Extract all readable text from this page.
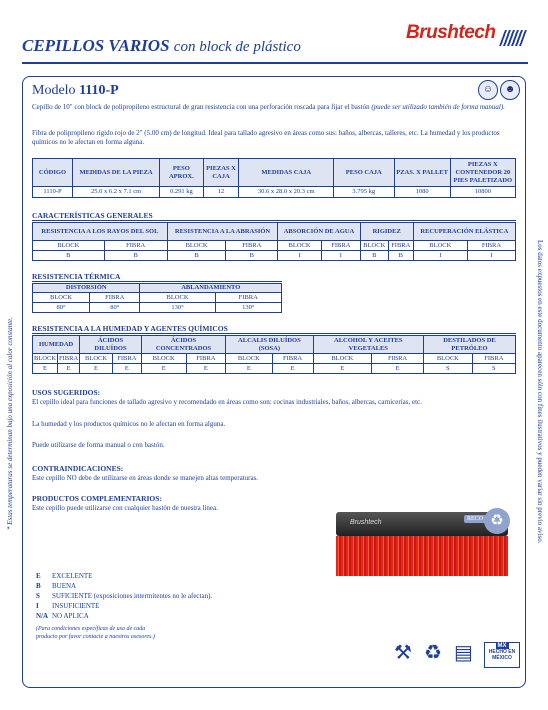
CEPILLOS VARIOS con block de plástico
Brushtech
* Estas temperaturas se determinan bajo una exposición al calor constante.	Los datos expuestos en este documento aparecen sólo con fines ilustrativos y pueden variar sin previo aviso.
Modelo 1110-P	☺	☻
Cepillo de 10" con block de polipropileno estructural de gran resistencia con una perforación roscada para fijar el bastón (puede ser utilizado también de forma manual).
Fibra de polipropileno rígido rojo de 2" (5.00 cm) de longitud. Ideal para tallado agresivo en áreas como sus: baños, albercas, talleres, etc. La humedad y los productos químicos no le afectan en forma alguna.
CÓDIGO	MEDIDAS DE LA PIEZA	PESO APROX.	PIEZAS X CAJA	MEDIDAS CAJA	PESO CAJA	PZAS. X PALLET	PIEZAS X CONTENEDOR 20 PIES PALETIZADO
1110-P	25.0 x 6.2 x 7.1 cm	0.291 kg	12	30.6 x 28.0 x 20.3 cm	3.795 kg	1080	10800
CARACTERÍSTICAS GENERALES
RESISTENCIA A LOS RAYOS DEL SOL		RESISTENCIA A LA ABRASIÓN		ABSORCIÓN DE AGUA		RIGIDEZ		RECUPERACIÓN ELÁSTICA	
BLOCK	FIBRA	BLOCK	FIBRA	BLOCK	FIBRA	BLOCK	FIBRA	BLOCK	FIBRA
B	B	B	B	I	I	B	B	I	I
RESISTENCIA TÉRMICA
DISTORSIÓN		ABLANDAMIENTO	
BLOCK	FIBRA	BLOCK	FIBRA
80°	80°	130°	130°
RESISTENCIA A LA HUMEDAD Y AGENTES QUÍMICOS
HUMEDAD		ÁCIDOS DILUÍDOS		ÁCIDOS CONCENTRADOS		ALCALIS DILUÍDOS (SOSA)		ALCOHOL Y ACEITES VEGETALES		DESTILADOS DE PETRÓLEO	
BLOCK	FIBRA	BLOCK	FIBRA	BLOCK	FIBRA	BLOCK	FIBRA	BLOCK	FIBRA	BLOCK	FIBRA
E	E	E	E	E	E	E	E	E	E	S	S
USOS SUGERIDOS:
El cepillo ideal para funciones de tallado agresivo y recomendado en áreas como son: cocinas industriales, baños, albercas, carnicerías, etc.
La humedad y los productos químicos no le afectan en forma alguna.
Puede utilizarse de forma manual o con bastón.
CONTRAINDICACIONES:
Este cepillo NO debe de utilizarse en áreas donde se manejen altas temperaturas.
PRODUCTOS COMPLEMENTARIOS:
Este cepillo puede utilizarse con cualquier bastón de nuestra línea.
Brushtech	RECO ♻
E EXCELENTE
B BUENA
S SUFICIENTE (exposiciones intermitentes no le afectan).
I INSUFICIENTE
N/A NO APLICA
(Para condiciones específicas de uso de cada
producto por favor contacte a nuestros asesores.)
⚒ ♻ ▤	MX
HECHO EN
MÉXICO
